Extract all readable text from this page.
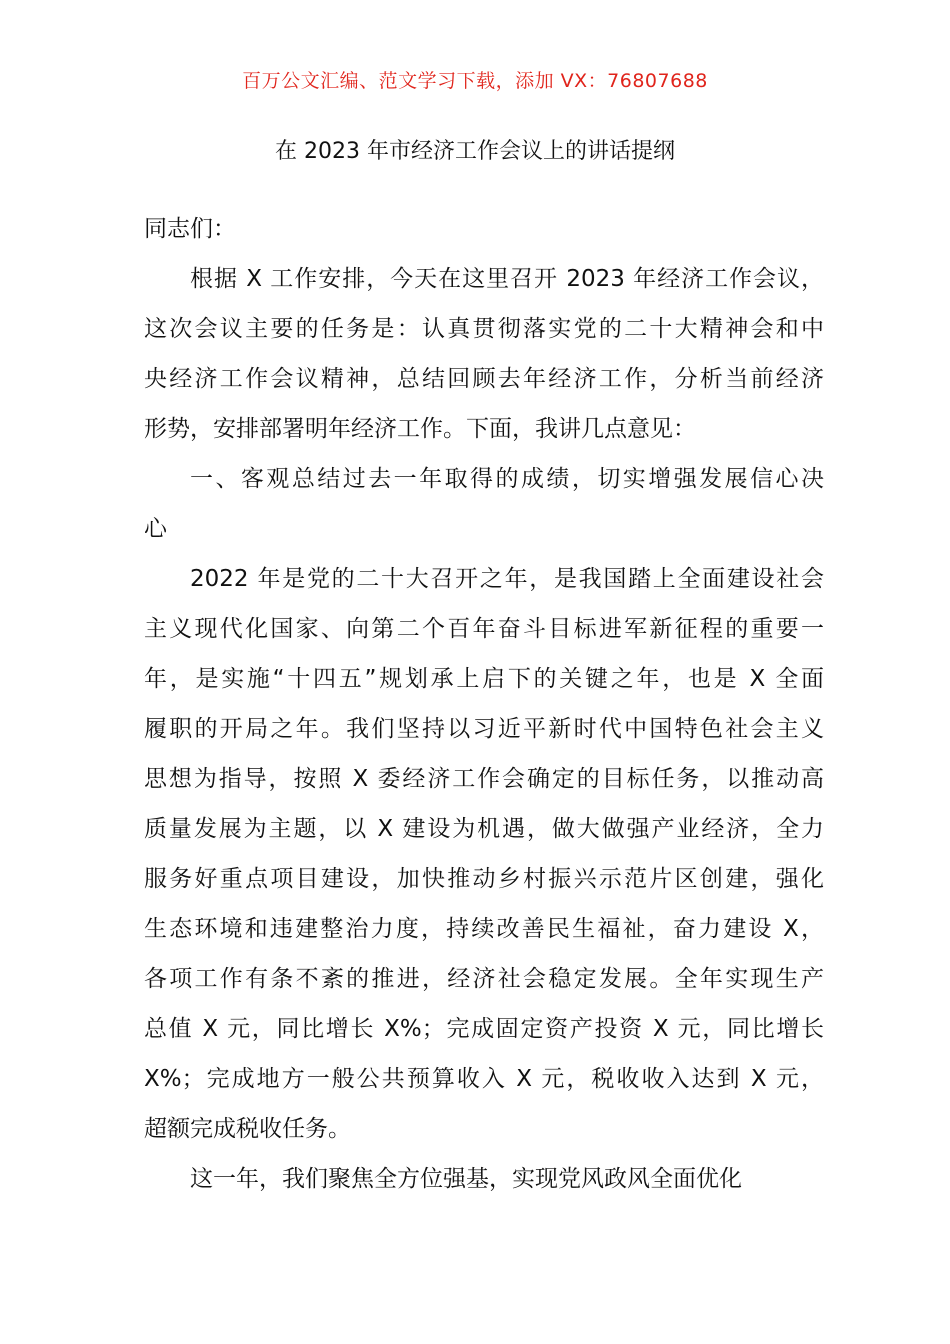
百万公文汇编、范文学习下载，添加 VX：76807688
在 2023 年市经济工作会议上的讲话提纲
同志们：
根据 X 工作安排，今天在这里召开 2023 年经济工作会议，
这次会议主要的任务是：认真贯彻落实党的二十大精神会和中
央经济工作会议精神，总结回顾去年经济工作，分析当前经济
形势，安排部署明年经济工作。下面，我讲几点意见：
一、客观总结过去一年取得的成绩，切实增强发展信心决
心
2022 年是党的二十大召开之年，是我国踏上全面建设社会
主义现代化国家、向第二个百年奋斗目标进军新征程的重要一
年，是实施“十四五”规划承上启下的关键之年，也是 X 全面
履职的开局之年。我们坚持以习近平新时代中国特色社会主义
思想为指导，按照 X 委经济工作会确定的目标任务，以推动高
质量发展为主题，以 X 建设为机遇，做大做强产业经济，全力
服务好重点项目建设，加快推动乡村振兴示范片区创建，强化
生态环境和违建整治力度，持续改善民生福祉，奋力建设 X，
各项工作有条不紊的推进，经济社会稳定发展。全年实现生产
总值 X 元，同比增长 X%；完成固定资产投资 X 元，同比增长
X%；完成地方一般公共预算收入 X 元，税收收入达到 X 元，
超额完成税收任务。
这一年，我们聚焦全方位强基，实现党风政风全面优化
